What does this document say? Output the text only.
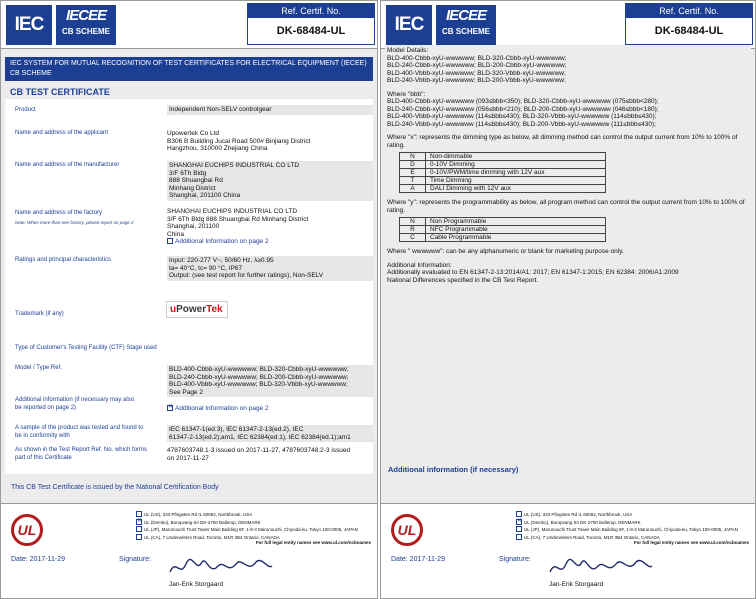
IEC	IECEE
CB SCHEME
Ref. Certif. No.
DK-68484-UL
IEC SYSTEM FOR MUTUAL RECOGNITION OF TEST CERTIFICATES FOR ELECTRICAL EQUIPMENT (IECEE) CB SCHEME
CB TEST CERTIFICATE
Product	Independent Non-SELV controlgear
Name and address of the applicant	Upowertek Co Ltd
B306 B Building Jucai Road 500# Binjiang District
Hangzhou, 310000 Zhejiang China
Name and address of the manufacturer	SHANGHAI EUCHIPS INDUSTRIAL CO LTD
3/F 6Th Bldg
888 Shuangbai Rd
Minhang District
Shanghai, 201100 China
Name and address of the factory
Note: When more than one factory, please report on page 2
SHANGHAI EUCHIPS INDUSTRIAL CO LTD
3/F 6Th Bldg 888 Shuangbai Rd Minhang District
Shanghai, 201100
China
Additional Information on page 2
Ratings and principal characteristics	Input: 220-277 V~, 50/60 Hz, λ≥0.95
ta= 40°C, tc= 90 °C, IP67
Output: (see test report for further ratings), Non-SELV
Trademark (if any)	uPowerTek
Type of Customer's Testing Facility (CTF) Stage used
Model / Type Ref.	BLD-400-Cbbb-xyU-wwwwww; BLD-320-Cbbb-xyU-wwwwww;
BLD-240-Cbbb-xyU-wwwwww; BLD-200-Cbbb-xyU-wwwwww;
BLD-400-Vbbb-xyU-wwwwww; BLD-320-Vbbb-xyU-wwwwww;
See Page 2
Additional information (if necessary may also be reported on page 2) ✕	Additional Information on page 2
A sample of the product was tested and found to be in conformity with
IEC 61347-1(ed.3), IEC 61347-2-13(ed.2), IEC
61347-2-13(ed.2);am1, IEC 62384(ed.1), IEC 62384(ed.1);am1
As shown in the Test Report Ref. No. which forms part of this Certificate
4787603748.1-3 issued on 2017-11-27, 4787603748.2-3 issued
on 2017-11-27
This CB Test Certificate is issued by the National Certification Body
UL
UL (US), 333 Pfingsten Rd IL 60062, Northbrook, USA
✕UL (Demko), Borupvang 5A DK-2750 Ballerup, DENMARK
UL (JP), Marunouchi Trust Tower Main Building 6F, 1-8-3 Marunouchi, Chiyoda-ku, Tokyo 100-0005, JAPAN
UL (CA), 7 Underwriters Road, Toronto, M1R 3B4 Ontario, CANADA
For full legal entity names see www.ul.com/ncbnames
Date: 2017-11-29	Signature:
Jan-Erik Storgaard
IEC	IECEE
CB SCHEME
Ref. Certif. No.
DK-68484-UL

Model Details:
BLD-400-Cbbb-xyU-wwwwww; BLD-320-Cbbb-xyU-wwwwww;
BLD-240-Cbbb-xyU-wwwwww; BLD-200-Cbbb-xyU-wwwwww;
BLD-400-Vbbb-xyU-wwwwww; BLD-320-Vbbb-xyU-wwwwww;
BLD-240-Vbbb-xyU-wwwwww; BLD-200-Vbbb-xyU-wwwwww;

Where "bbb":
BLD-400-Cbbb-xyU-wwwwww (093≤bbb<350); BLD-320-Cbbb-xyU-wwwwww (075≤bbb<280);
BLD-240-Cbbb-xyU-wwwwww (056≤bbb<210); BLD-200-Cbbb-xyU-wwwwww (046≤bbb<180);
BLD-400-Vbbb-xyU-wwwwww (114≤bbb≤430); BLD-320-Vbbb-xyU-wwwwww (114≤bbb≤430);
BLD-240-Vbbb-xyU-wwwwww (114≤bbb≤430); BLD-200-Vbbb-xyU-wwwwww (111≤bbb≤430);

Where "x": represents the dimming type as below, all dimming method can control the output current from 10% to 100% of rating.
N	Non-dimmable
D	0-10V Dimming
E	0-10V/PWM/time dimming with 12V aux
T	Time Dimming
A	DALI Dimming with 12V aux
Where "y": represents the programmability as below, all program method can control the output current from 10% to 100% of rating.
N	Non Programmable
R	NFC Programmable
C	Cable Programmable

Where " wwwwww": can be any alphanumeric or blank for marketing purpose only.

Additional Information:
Additionally evaluated to EN 61347-2-13:2014/A1: 2017; EN 61347-1:2015; EN 62384: 2006/A1:2009
National Differences specified in the CB Test Report.

Additional information (if necessary)
UL
UL (US), 333 Pfingsten Rd IL 60062, Northbrook, USA
✕UL (Demko), Borupvang 5A DK-2750 Ballerup, DENMARK
UL (JP), Marunouchi Trust Tower Main Building 6F, 1-8-3 Marunouchi, Chiyoda-ku, Tokyo 100-0005, JAPAN
UL (CA), 7 Underwriters Road, Toronto, M1R 3B4 Ontario, CANADA
For full legal entity names see www.ul.com/ncbnames
Date: 2017-11-29	Signature:
Jan-Erik Storgaard
